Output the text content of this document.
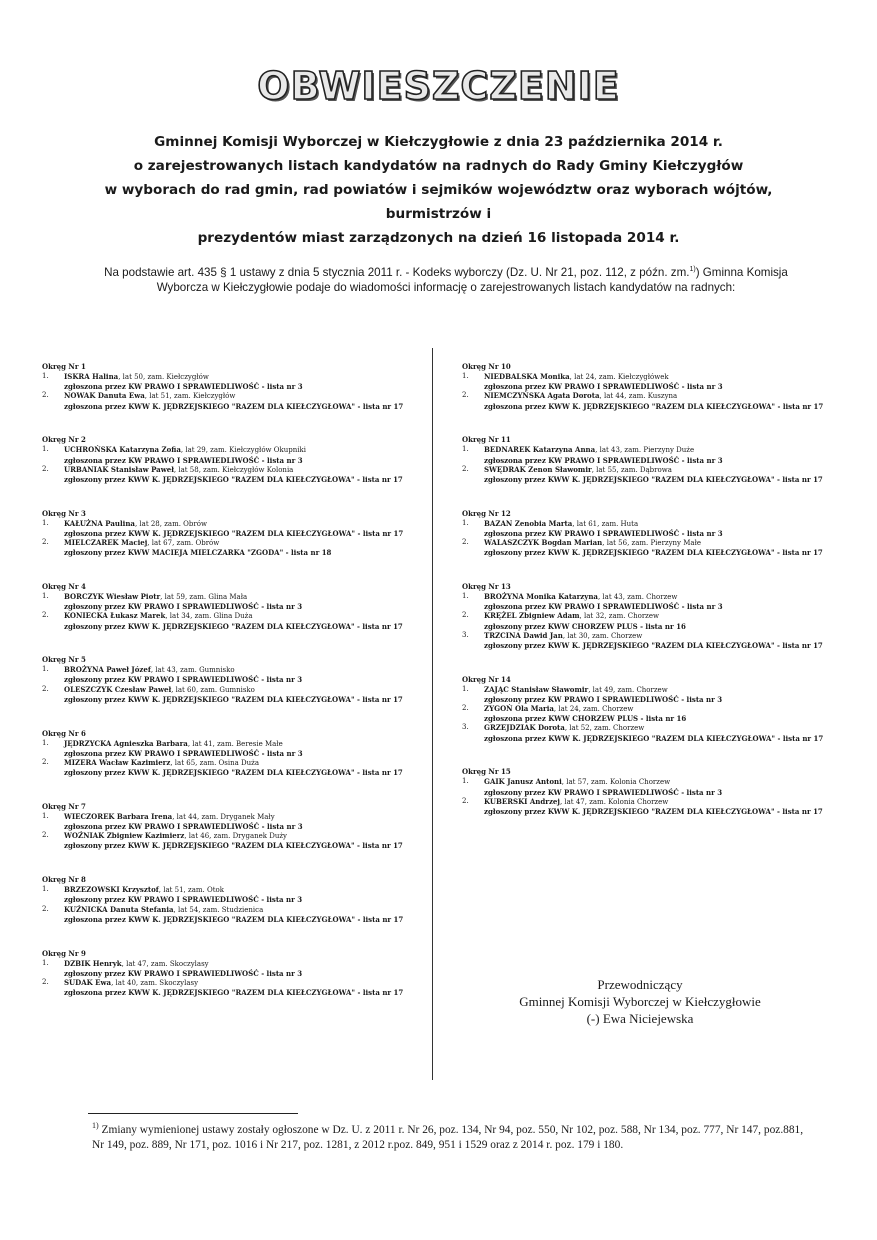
OBWIESZCZENIE
Gminnej Komisji Wyborczej w Kiełczygłowie z dnia 23 października 2014 r.
o zarejestrowanych listach kandydatów na radnych do Rady Gminy Kiełczygłów
w wyborach do rad gmin, rad powiatów i sejmików województw oraz wyborach wójtów, burmistrzów i
prezydentów miast zarządzonych na dzień 16 listopada 2014 r.
Na podstawie art. 435 § 1 ustawy z dnia 5 stycznia 2011 r. - Kodeks wyborczy (Dz. U. Nr 21, poz. 112, z późn. zm.$^{1)}$) Gminna Komisja Wyborcza w Kiełczygłowie podaje do wiadomości informację o zarejestrowanych listach kandydatów na radnych:
Okręg Nr 1
1.	ISKRA Halina, lat 50, zam. Kiełczygłów
zgłoszona przez KW PRAWO I SPRAWIEDLIWOŚĆ - lista nr 3
2.	NOWAK Danuta Ewa, lat 51, zam. Kiełczygłów
zgłoszona przez KWW K. JĘDRZEJSKIEGO "RAZEM DLA KIEŁCZYGŁOWA" - lista nr 17
Okręg Nr 2
1.	UCHROŃSKA Katarzyna Zofia, lat 29, zam. Kiełczygłów Okupniki
zgłoszona przez KW PRAWO I SPRAWIEDLIWOŚĆ - lista nr 3
2.	URBANIAK Stanisław Paweł, lat 58, zam. Kiełczygłów Kolonia
zgłoszony przez KWW K. JĘDRZEJSKIEGO "RAZEM DLA KIEŁCZYGŁOWA" - lista nr 17
Okręg Nr 3
1.	KAŁUŻNA Paulina, lat 28, zam. Obrów
zgłoszona przez KWW K. JĘDRZEJSKIEGO "RAZEM DLA KIEŁCZYGŁOWA" - lista nr 17
2.	MIELCZAREK Maciej, lat 67, zam. Obrów
zgłoszony przez KWW MACIEJA MIELCZARKA "ZGODA" - lista nr 18
Okręg Nr 4
1.	BORCZYK Wiesław Piotr, lat 59, zam. Glina Mała
zgłoszony przez KW PRAWO I SPRAWIEDLIWOŚĆ - lista nr 3
2.	KONIECKA Łukasz Marek, lat 34, zam. Glina Duża
zgłoszony przez KWW K. JĘDRZEJSKIEGO "RAZEM DLA KIEŁCZYGŁOWA" - lista nr 17
Okręg Nr 5
1.	BROŻYNA Paweł Józef, lat 43, zam. Gumnisko
zgłoszony przez KW PRAWO I SPRAWIEDLIWOŚĆ - lista nr 3
2.	OLESZCZYK Czesław Paweł, lat 60, zam. Gumnisko
zgłoszony przez KWW K. JĘDRZEJSKIEGO "RAZEM DLA KIEŁCZYGŁOWA" - lista nr 17
Okręg Nr 6
1.	JĘDRZYCKA Agnieszka Barbara, lat 41, zam. Beresie Małe
zgłoszona przez KW PRAWO I SPRAWIEDLIWOŚĆ - lista nr 3
2.	MIZERA Wacław Kazimierz, lat 65, zam. Osina Duża
zgłoszony przez KWW K. JĘDRZEJSKIEGO "RAZEM DLA KIEŁCZYGŁOWA" - lista nr 17
Okręg Nr 7
1.	WIECZOREK Barbara Irena, lat 44, zam. Dryganek Mały
zgłoszona przez KW PRAWO I SPRAWIEDLIWOŚĆ - lista nr 3
2.	WOŹNIAK Zbigniew Kazimierz, lat 46, zam. Dryganek Duży
zgłoszony przez KWW K. JĘDRZEJSKIEGO "RAZEM DLA KIEŁCZYGŁOWA" - lista nr 17
Okręg Nr 8
1.	BRZEZOWSKI Krzysztof, lat 51, zam. Otok
zgłoszony przez KW PRAWO I SPRAWIEDLIWOŚĆ - lista nr 3
2.	KUŹNICKA Danuta Stefania, lat 54, zam. Studzienica
zgłoszona przez KWW K. JĘDRZEJSKIEGO "RAZEM DLA KIEŁCZYGŁOWA" - lista nr 17
Okręg Nr 9
1.	DZBIK Henryk, lat 47, zam. Skoczylasy
zgłoszony przez KW PRAWO I SPRAWIEDLIWOŚĆ - lista nr 3
2.	SUDAK Ewa, lat 40, zam. Skoczylasy
zgłoszona przez KWW K. JĘDRZEJSKIEGO "RAZEM DLA KIEŁCZYGŁOWA" - lista nr 17
Okręg Nr 10
1.	NIEDBALSKA Monika, lat 24, zam. Kiełczygłówek
zgłoszona przez KW PRAWO I SPRAWIEDLIWOŚĆ - lista nr 3
2.	NIEMCZYŃSKA Agata Dorota, lat 44, zam. Kuszyna
zgłoszona przez KWW K. JĘDRZEJSKIEGO "RAZEM DLA KIEŁCZYGŁOWA" - lista nr 17
Okręg Nr 11
1.	BEDNAREK Katarzyna Anna, lat 43, zam. Pierzyny Duże
zgłoszona przez KW PRAWO I SPRAWIEDLIWOŚĆ - lista nr 3
2.	SWĘDRAK Zenon Sławomir, lat 55, zam. Dąbrowa
zgłoszony przez KWW K. JĘDRZEJSKIEGO "RAZEM DLA KIEŁCZYGŁOWA" - lista nr 17
Okręg Nr 12
1.	BAZAN Zenobia Marta, lat 61, zam. Huta
zgłoszona przez KW PRAWO I SPRAWIEDLIWOŚĆ - lista nr 3
2.	WALASZCZYK Bogdan Marian, lat 56, zam. Pierzyny Małe
zgłoszony przez KWW K. JĘDRZEJSKIEGO "RAZEM DLA KIEŁCZYGŁOWA" - lista nr 17
Okręg Nr 13
1.	BROŻYNA Monika Katarzyna, lat 43, zam. Chorzew
zgłoszona przez KW PRAWO I SPRAWIEDLIWOŚĆ - lista nr 3
2.	KRĘŻEL Zbigniew Adam, lat 32, zam. Chorzew
zgłoszony przez KWW CHORZEW PLUS - lista nr 16
3.	TRZCINA Dawid Jan, lat 30, zam. Chorzew
zgłoszony przez KWW K. JĘDRZEJSKIEGO "RAZEM DLA KIEŁCZYGŁOWA" - lista nr 17
Okręg Nr 14
1.	ZAJĄC Stanisław Sławomir, lat 49, zam. Chorzew
zgłoszony przez KW PRAWO I SPRAWIEDLIWOŚĆ - lista nr 3
2.	ZYGOŃ Ola Maria, lat 24, zam. Chorzew
zgłoszona przez KWW CHORZEW PLUS - lista nr 16
3.	GRZEJDZIAK Dorota, lat 52, zam. Chorzew
zgłoszona przez KWW K. JĘDRZEJSKIEGO "RAZEM DLA KIEŁCZYGŁOWA" - lista nr 17
Okręg Nr 15
1.	GAIK Janusz Antoni, lat 57, zam. Kolonia Chorzew
zgłoszony przez KW PRAWO I SPRAWIEDLIWOŚĆ - lista nr 3
2.	KUBERSKI Andrzej, lat 47, zam. Kolonia Chorzew
zgłoszony przez KWW K. JĘDRZEJSKIEGO "RAZEM DLA KIEŁCZYGŁOWA" - lista nr 17
Przewodniczący
Gminnej Komisji Wyborczej w Kiełczygłowie
(-) Ewa Niciejewska
$^{1)}$ Zmiany wymienionej ustawy zostały ogłoszone w Dz. U. z 2011 r. Nr 26, poz. 134, Nr 94, poz. 550, Nr 102, poz. 588, Nr 134, poz. 777, Nr 147, poz.881, Nr 149, poz. 889, Nr 171, poz. 1016 i Nr 217, poz. 1281, z 2012 r.poz. 849, 951 i 1529 oraz z 2014 r. poz. 179 i 180.
